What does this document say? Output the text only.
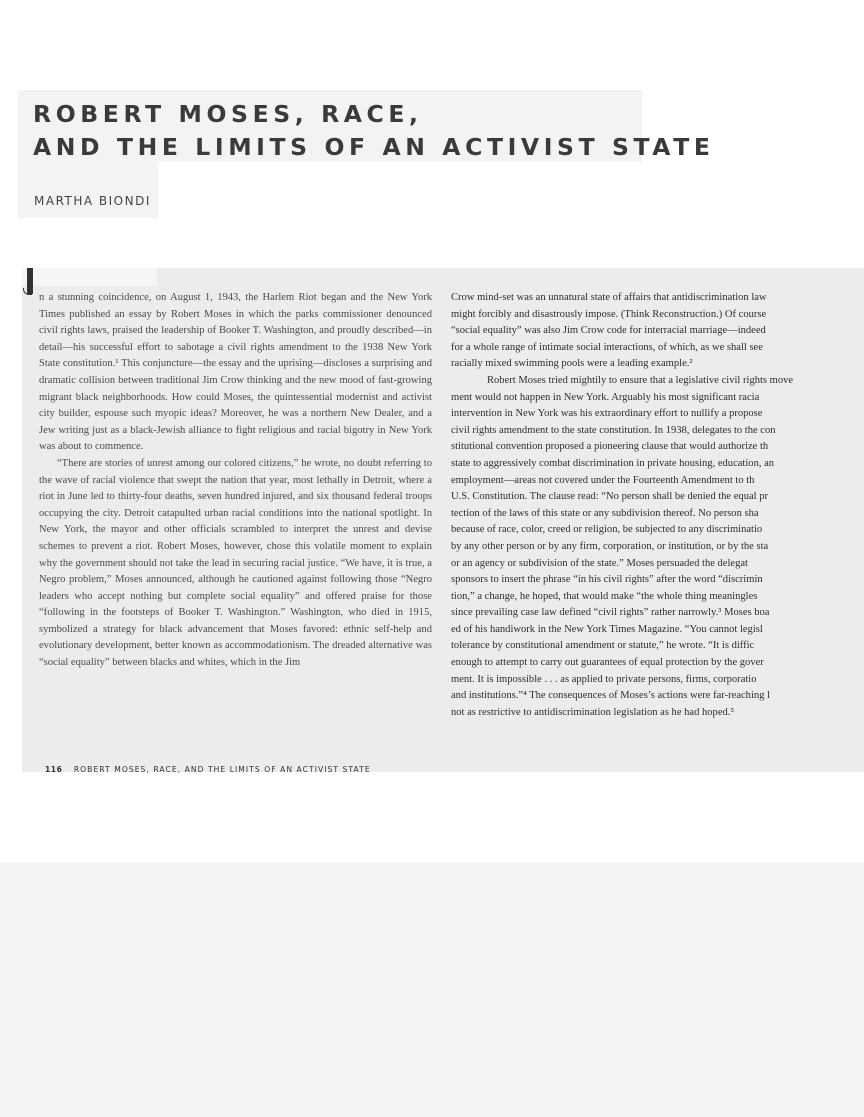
ROBERT MOSES, RACE,
AND THE LIMITS OF AN ACTIVIST STATE
MARTHA BIONDI

n a stunning coincidence, on August 1, 1943, the Harlem Riot began and the New York Times published an essay by Robert Moses in which the parks commissioner denounced civil rights laws, praised the leadership of Booker T. Washington, and proudly described—in detail—his successful effort to sabotage a civil rights amendment to the 1938 New York State constitution.¹ This conjuncture—the essay and the uprising—discloses a surprising and dramatic collision between traditional Jim Crow thinking and the new mood of fast-growing migrant black neighborhoods. How could Moses, the quintessential modernist and activist city builder, espouse such myopic ideas? Moreover, he was a northern New Dealer, and a Jew writing just as a black-Jewish alliance to fight religious and racial bigotry in New York was about to commence.

“There are stories of unrest among our colored citizens,” he wrote, no doubt referring to the wave of racial violence that swept the nation that year, most lethally in Detroit, where a riot in June led to thirty-four deaths, seven hundred injured, and six thousand federal troops occupying the city. Detroit catapulted urban racial conditions into the national spotlight. In New York, the mayor and other officials scrambled to interpret the unrest and devise schemes to prevent a riot. Robert Moses, however, chose this volatile moment to explain why the government should not take the lead in securing racial justice. “We have, it is true, a Negro problem,” Moses announced, although he cautioned against following those “Negro leaders who accept nothing but complete social equality” and offered praise for those “following in the footsteps of Booker T. Washington.” Washington, who died in 1915, symbolized a strategy for black advancement that Moses favored: ethnic self-help and evolutionary development, better known as accommodationism. The dreaded alternative was “social equality” between blacks and whites, which in the Jim

Crow mind-set was an unnatural state of affairs that antidiscrimination law
might forcibly and disastrously impose. (Think Reconstruction.) Of course
“social equality” was also Jim Crow code for interracial marriage—indeed
for a whole range of intimate social interactions, of which, as we shall see
racially mixed swimming pools were a leading example.²
Robert Moses tried mightily to ensure that a legislative civil rights move
ment would not happen in New York. Arguably his most significant racia
intervention in New York was his extraordinary effort to nullify a propose
civil rights amendment to the state constitution. In 1938, delegates to the con
stitutional convention proposed a pioneering clause that would authorize th
state to aggressively combat discrimination in private housing, education, an
employment—areas not covered under the Fourteenth Amendment to th
U.S. Constitution. The clause read: “No person shall be denied the equal pr
tection of the laws of this state or any subdivision thereof. No person sha
because of race, color, creed or religion, be subjected to any discriminatio
by any other person or by any firm, corporation, or institution, or by the sta
or an agency or subdivision of the state.” Moses persuaded the delegat
sponsors to insert the phrase “in his civil rights” after the word “discrimin
tion,” a change, he hoped, that would make “the whole thing meaningles
since prevailing case law defined “civil rights” rather narrowly.³ Moses boa
ed of his handiwork in the New York Times Magazine. “You cannot legisl
tolerance by constitutional amendment or statute,” he wrote. “It is diffic
enough to attempt to carry out guarantees of equal protection by the gover
ment. It is impossible . . . as applied to private persons, firms, corporatio
and institutions.”⁴ The consequences of Moses’s actions were far-reaching l
not as restrictive to antidiscrimination legislation as he had hoped.⁵
116 ROBERT MOSES, RACE, AND THE LIMITS OF AN ACTIVIST STATE
